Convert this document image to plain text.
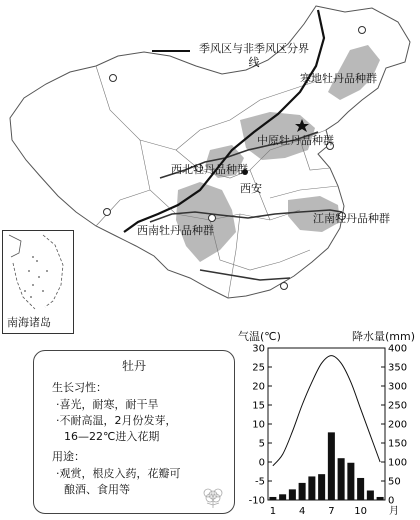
季风区与非季风区分界线
寒地牡丹品种群
中原牡丹品种群
西北牡丹品种群
西安
西南牡丹品种群
江南牡丹品种群
南海诸岛
牡丹
生长习性：
·喜光，耐寒，耐干旱
·不耐高温，2月份发芽，
16—22℃进入花期
用途：
·观赏，根皮入药，花瓣可
酿酒、食用等
气温(℃)	降水量(mm)
30
25
20
15
10
5
0
-5
-10
400
350
300
250
200
150
100
50
0
1 4 7 10 月
